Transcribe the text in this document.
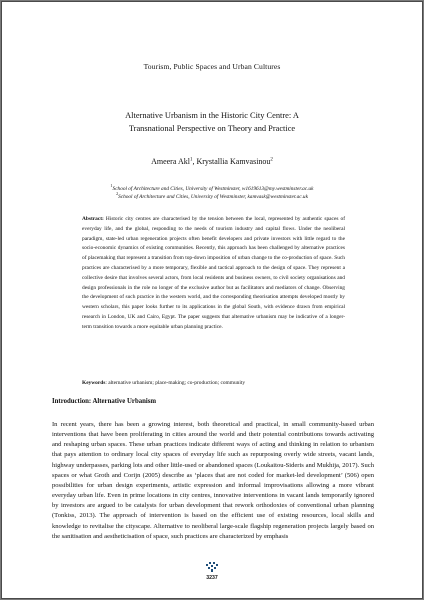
Tourism, Public Spaces and Urban Cultures
Alternative Urbanism in the Historic City Centre: A
Transnational Perspective on Theory and Practice
Ameera Akl$^1$, Krystallia Kamvasinou$^2$
$^1$School of Architecture and Cities, University of Westminster, w1619613@my.westminster.ac.uk
$^2$School of Architecture and Cities, University of Westminster, kamvask@westminster.ac.uk
Abstract: Historic city centres are characterised by the tension between the local, represented by authentic spaces of everyday life, and the global, responding to the needs of tourism industry and capital flows. Under the neoliberal paradigm, state-led urban regeneration projects often benefit developers and private investors with little regard to the socio-economic dynamics of existing communities. Recently, this approach has been challenged by alternative practices of placemaking that represent a transition from top-down imposition of urban change to the co-production of space. Such practices are characterised by a more temporary, flexible and tactical approach to the design of space. They represent a collective desire that involves several actors, from local residents and business owners, to civil society organisations and design professionals in the role no longer of the exclusive author but as facilitators and mediators of change. Observing the development of such practice in the western world, and the corresponding theorisation attempts developed mostly by western scholars, this paper looks further to its applications in the global South, with evidence drawn from empirical research in London, UK and Cairo, Egypt. The paper suggests that alternative urbanism may be indicative of a longer-term transition towards a more equitable urban planning practice.
Keywords: alternative urbanism; place-making; co-production; community
Introduction: Alternative Urbanism
In recent years, there has been a growing interest, both theoretical and practical, in small community-based urban interventions that have been proliferating in cities around the world and their potential contributions towards activating and reshaping urban spaces. These urban practices indicate different ways of acting and thinking in relation to urbanism that pays attention to ordinary local city spaces of everyday life such as repurposing overly wide streets, vacant lands, highway underpasses, parking lots and other little-used or abandoned spaces (Loukaitou-Sideris and Mukhija, 2017). Such spaces or what Groth and Corijn (2005) describe as ‘places that are not coded for market-led development’ (506) open possibilities for urban design experiments, artistic expression and informal improvisations allowing a more vibrant everyday urban life. Even in prime locations in city centres, innovative interventions in vacant lands temporarily ignored by investors are argued to be catalysts for urban development that rework orthodoxies of conventional urban planning (Tonkiss, 2013). The approach of intervention is based on the efficient use of existing resources, local skills and knowledge to revitalise the cityscape. Alternative to neoliberal large-scale flagship regeneration projects largely based on the sanitisation and aestheticisation of space, such practices are characterized by emphasis
3237
